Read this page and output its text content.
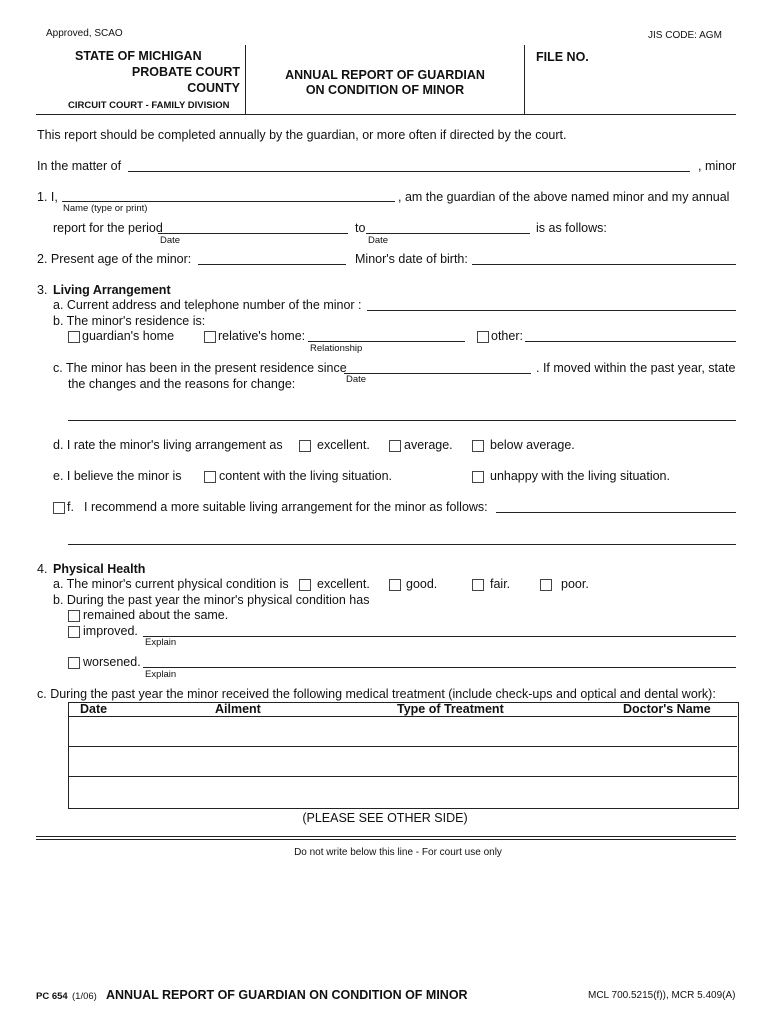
Approved, SCAO	JIS CODE: AGM
STATE OF MICHIGAN
PROBATE COURT
COUNTY
CIRCUIT COURT - FAMILY DIVISION
ANNUAL REPORT OF GUARDIAN
ON CONDITION OF MINOR
FILE NO.
This report should be completed annually by the guardian, or more often if directed by the court.
In the matter of	, minor
1. I,	, am the guardian of the above named minor and my annual
Name (type or print)
report for the period
Date
to
Date
is as follows:
2. Present age of the minor:	Minor's date of birth:
3. Living Arrangement
a. Current address and telephone number of the minor :
b. The minor's residence is:
guardian's home	relative's home:
Relationship
other:
c. The minor has been in the present residence since
Date
. If moved within the past year, state
the changes and the reasons for change:
d. I rate the minor's living arrangement as	excellent.	average.	below average.
e. I believe the minor is	content with the living situation.	unhappy with the living situation.
f. I recommend a more suitable living arrangement for the minor as follows:
4. Physical Health
a. The minor's current physical condition is excellent.	good.	fair.	poor.
b. During the past year the minor's physical condition has
remained about the same.
improved.
Explain
worsened.
Explain
c. During the past year the minor received the following medical treatment (include check-ups and optical and dental work):
Date	Ailment	Type of Treatment	Doctor's Name
(PLEASE SEE OTHER SIDE)
Do not write below this line - For court use only
PC 654 (1/06) ANNUAL REPORT OF GUARDIAN ON CONDITION OF MINOR	MCL 700.5215(f)), MCR 5.409(A)
